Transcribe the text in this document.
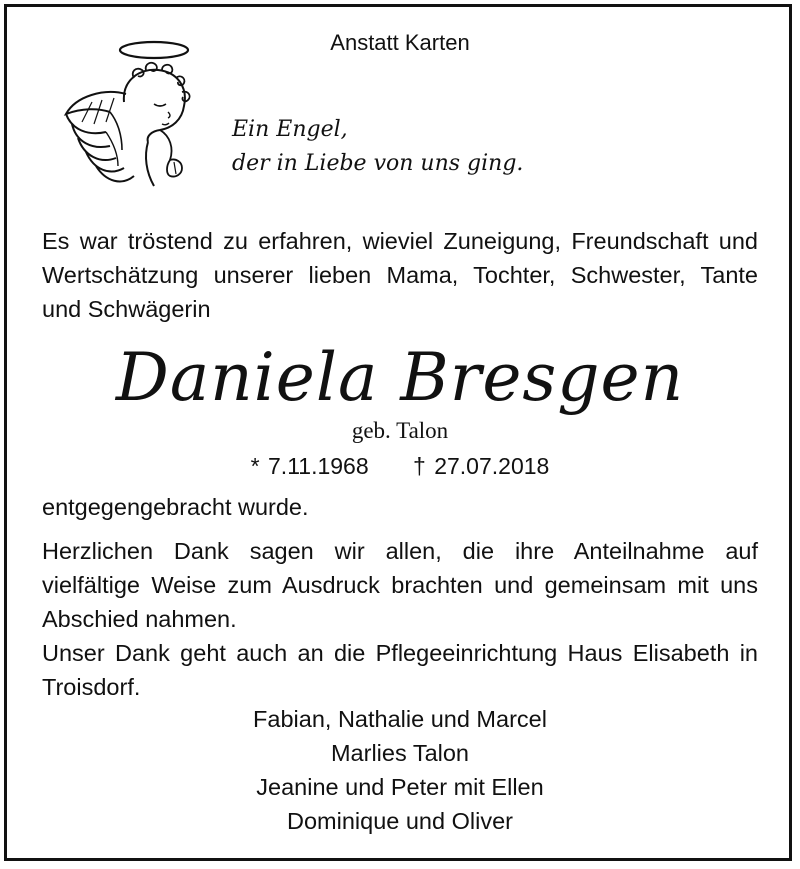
Anstatt Karten
Ein Engel,
der in Liebe von uns ging.
Es war tröstend zu erfahren, wieviel Zuneigung, Freundschaft und
Wertschätzung unserer lieben Mama, Tochter, Schwester, Tante
und Schwägerin
Daniela Bresgen
geb. Talon
* 7.11.1968 † 27.07.2018
entgegengebracht wurde.
Herzlichen Dank sagen wir allen, die ihre Anteilnahme auf
vielfältige Weise zum Ausdruck brachten und gemeinsam mit uns
Abschied nahmen.
Unser Dank geht auch an die Pflegeeinrichtung Haus Elisabeth in
Troisdorf.
Fabian, Nathalie und Marcel
Marlies Talon
Jeanine und Peter mit Ellen
Dominique und Oliver
